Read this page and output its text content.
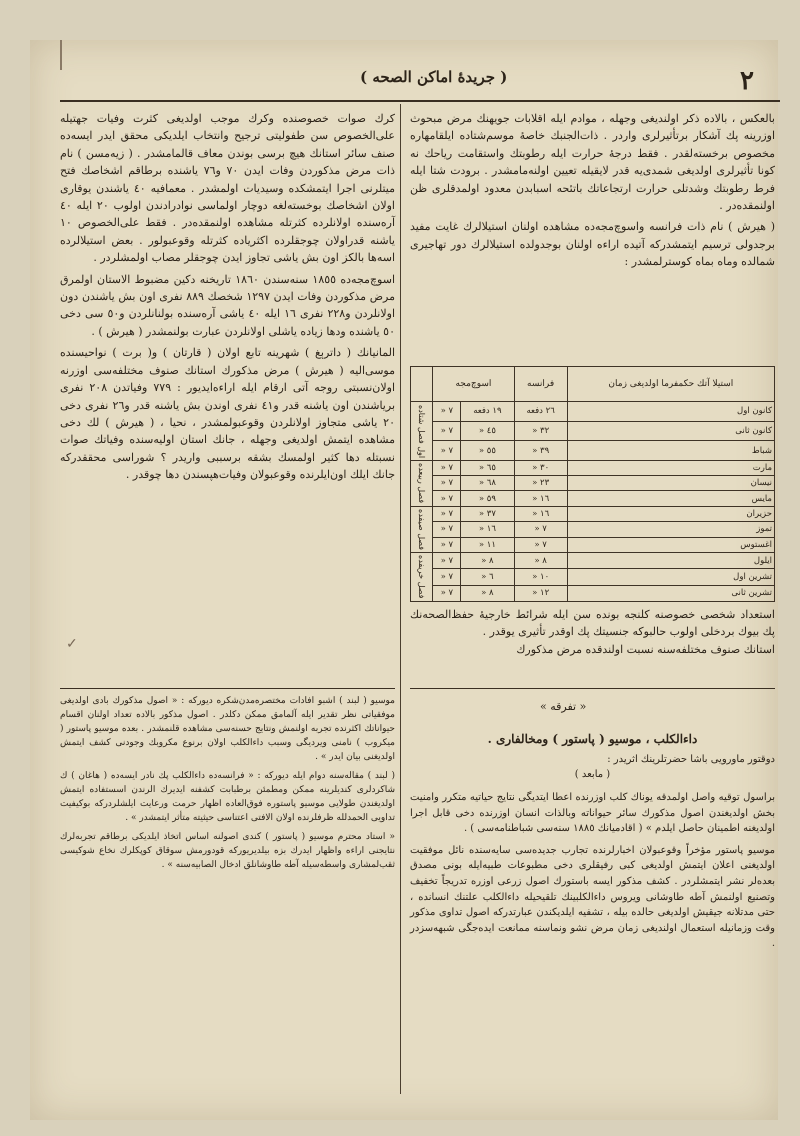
٢
( جريدهٔ اماكن الصحه )

بالعکس ، بالاده ذکر اولنديغی وجهله ، موادم ايله اقلابات جويهنك مرض مبحوث اوزرينه پك آشكار برتأثيرلری واردر . ذات‌الجنبك خاصهٔ موسم‌شتاده ايلقامهاره مخصوص برخسته‌لقدر . فقط درجهٔ حرارت ايله رطوبتك واستقامت رياحك نه كونا تأثيرلری اولديغی شمدی‌يه قدر لايقيله تعيين اولنه‌مامشدر . برودت شتا ايله فرط رطوبتك وشدتلی حرارت ارتجاعاتك باتئحه اسبابدن معدود اولمدقلری ظن اولنمقده‌در .

( هيرش ) نام ذات فرانسه واسوچ‌مجه‌ده مشاهده اولنان استيلالرك غايت مفيد برجدولی ترسيم ايتمشدركه آتيده اراءه اولنان بوجدولده استيلالرك دور تهاجيری شمالده وماه بماه كوسترلمشدر :

استيلا آتك حكمفرما اولديغی زمان	فرانسه	اسوچ‌مجه		
كانون اول	٢٦ دفعه	١٩ دفعه	٧ «	اول فصل شتاده
كانون ثانی	٣٢ «	٤٥ «	٧ «	
شباط	٣٩ «	٥٥ «	٧ «	
مارت	٣٠ «	٦٥ «	٧ «	فصل ربيعده
نيسان	٢٣ «	٦٨ «	٧ «	
مايس	١٦ «	٥٩ «	٧ «	
حزيران	١٦ «	٣٧ «	٧ «	فصل صيفده
تموز	٧ «	١٦ «	٧ «	
اغستوس	٧ «	١١ «	٧ «	
ايلول	٨ «	٨ «	٧ «	فصل خريفده
تشرين اول	١٠ «	٦ «	٧ «	
تشرين ثانی	١٢ «	٨ «	٧ «	

استعداد شخصی خصوصنه كلنجه بونده سن ايله شرائط خارجيهٔ حفظ‌الصحه‌نك پك بيوك بردخلی اولوب حالبوكه جنسيتك پك اوقدر تأثيری يوقدر .

استانك صنوف مختلفه‌سنه نسبت اولندقده مرض مذكورك

« تفرقه »
داءالكلب ، موسيو ( پاستور ) ومخالفاری .
دوقتور ماورويی باشا حضرتلرينك اثريدر :
( مابعد )

براسول توقيه واصل اولمدقه يوناك كلب اوزرنده اعطا ايتديگی نتايج حياتيه متكرر وامنيت بخش اولديغندن اصول مذكورك سائر حيواناته وبالذات انسان اوزرنده دخی قابل اجرا اولديغنه اطمينان حاصل ايلدم » ( اقادميانك ١٨٨٥ سنه‌سی شباطنامه‌سی ) .

موسيو پاستور مؤخراً وقوعبولان اخبارلرنده تجارب جديده‌سی سايه‌سنده نائل موفقيت اولديغنی اعلان ايتمش اولديغی كبی رفيقلری دخی مطبوعات طبيه‌ايله بونی مصدق بعده‌لر نشر ايتمشلردر . كشف مذكور ايسه باستورك اصول زرعی اوزره تدريجاً تخفيف وتصنيع اولنمش آطه طاوشانی ويروس داءالكلبينك تلقيحيله داءالكلب علتنك انسانده ، حتی مدتلانه جيقيش اولديغی حالده بيله ، تشفيه ايلديكندن عبارتدركه اصول تداوی مذكور وقت وزمانيله استعمال اولنديغی زمان مرض نشو ونماسنه ممانعت ايده‌جگی شبهه‌سزدر .

كرك صوات خصوصنده وكرك موجب اولديغی كثرت وفيات جهتيله علی‌الخصوص سن طفوليتی ترجيح وانتخاب ايلديكی محقق ايدر ايسه‌ده صنف سائر استانك هيچ برسی بوندن معاف قالمامشدر . ( زيه‌مسن ) نام ذات مرض مذكوردن وفات ايدن ٧٠ و٧٦ ياشنده برطاقم اشخاصك فتح ميتلرنی اجرا ايتمشكده وسيديات اولمشدر . معمافيه ٤٠ ياشندن يوقاری اولان اشخاصك بوخسته‌لغه دوچار اولماسی نوادرادندن اولوب ٢٠ ايله ٤٠ آره‌سنده اولانلرده كثرتله مشاهده اولنمقده‌در . فقط علی‌الخصوص ١٠ ياشنه قدراولان چوجقلرده اكثرياده كثرتله وقوعبولور . بعض استيلالرده اسه‌ها بالكز اون بش ياشی تجاوز ايدن چوجقلر مصاب اولمشلردر .

اسوچ‌مجه‌ده ١٨٥٥ سنه‌سندن ١٨٦٠ تاريخنه دكين مضبوط الاستان اولمرق مرض مذكوردن وفات ايدن ١٢٩٧ شخصك ٨٨٩ نفری اون بش ياشندن دون اولانلردن و٢٢٨ نفری ١٦ ايله ٤٠ ياشی آره‌سنده بولنانلردن و٥٠ سی دخی ٥٠ ياشنده ودها زياده ياشلی اولانلردن عبارت بولنمشدر ( هيرش ) .

المانيانك ( داترېغ ) شهرينه تابع اولان ( قارتان ) و( برت ) نواحيسنده موسی‌اليه ( هيرش ) مرض مذكورك استانك صنوف مختلفه‌سی اوزرنه اولان‌نسبتی روجه آتی ارقام ايله اراءه‌ايديور : ٧٧٩ وفياتدن ٢٠٨ نفری برياشندن اون ياشنه قدر و٤١ نفری اوندن بش ياشنه قدر و٢٦ نفری دخی ٢٠ ياشی متجاوز اولانلردن وقوعبولمشدر ، نحيا ، ( هيرش ) لك دخی مشاهده ايتمش اولديغی وجهله ، جانك استان اوليه‌سنده وفياتك صوات نسبتله دها كثير اولمسك بشقه برسببی واريدر ؟ شوراسی محققدركه جانك ايلك اون‌ايلرنده وقوعبولان وفيات‌هپسندن دها چوقدر .

✓

موسيو ( لبند ) اشبو افادات مختصره‌مدن‌شكره ديوركه : « اصول مذكورك بادی اولديغی موفقياتی نظر تقدير ايله آلمامق ممكن دكلدر . اصول مذكور بالاده تعداد اولنان اقسام حيواناتك اكثرنده تجربه اولنمش ونتايج حسنه‌سی مشاهده قلنمشدر . بعده موسيو پاستور ( ميكروب ) نامنی ويرديگی وسبب داءالكلب اولان برنوع مكروبك وجودنی كشف ايتمش اولديغنی بيان ايدر » .

( لبند ) مقاله‌سنه دوام ايله ديوركه : « فرانسه‌ده داءالكلب پك نادر ايسه‌ده ( هاغان ) ك شاكردلری كنديلرينه ممكن ومطمئن برطبابت كشفنه ايديرك الرندن اسستفاده ايتمش اولديغندن طولايی موسيو پاستوره فوق‌العاده اظهار حرمت ورعايت ايلشلردركه بوكيفيت تداويی الحمدلله ظرفلرنده اولان الافتی اعتناسی حيثيته متأثر ايتمشدر » .

« استاد محترم موسيو ( پاستور ) كندی اصولنه اساس اتخاذ ايلديكی برطاقم تجربه‌لرك نتايجنی اراءه واظهار ايدرك بزه بيلديريوركه قودورمش سوقاق كوپكلرك نخاع شوكيسی ثقب‌لمشاری واسطه‌سيله آطه طاوشانلق ادخال الصابيه‌سنه » .
